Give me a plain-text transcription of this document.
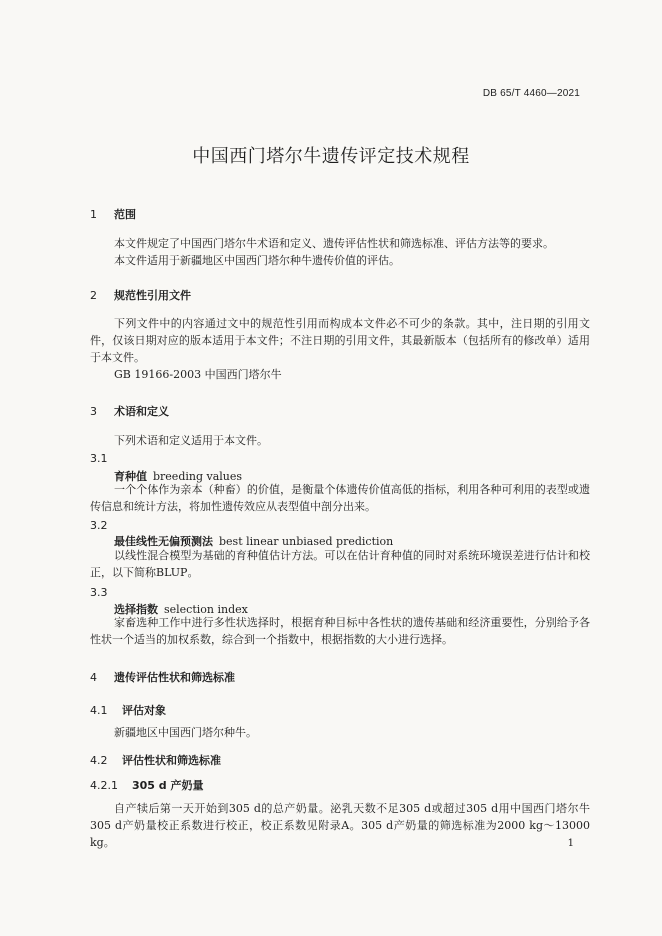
DB 65/T 4460—2021
中国西门塔尔牛遗传评定技术规程
1 范围
本文件规定了中国西门塔尔牛术语和定义、遗传评估性状和筛选标准、评估方法等的要求。
本文件适用于新疆地区中国西门塔尔种牛遗传价值的评估。
2 规范性引用文件
下列文件中的内容通过文中的规范性引用而构成本文件必不可少的条款。其中，注日期的引用文件，仅该日期对应的版本适用于本文件；不注日期的引用文件，其最新版本（包括所有的修改单）适用于本文件。
GB 19166-2003 中国西门塔尔牛
3 术语和定义
下列术语和定义适用于本文件。
3.1
育种值 breeding values
一个个体作为亲本（种畜）的价值，是衡量个体遗传价值高低的指标，利用各种可利用的表型或遗传信息和统计方法，将加性遗传效应从表型值中剖分出来。
3.2
最佳线性无偏预测法 best linear unbiased prediction
以线性混合模型为基础的育种值估计方法。可以在估计育种值的同时对系统环境误差进行估计和校正，以下简称BLUP。
3.3
选择指数 selection index
家畜选种工作中进行多性状选择时，根据育种目标中各性状的遗传基础和经济重要性，分别给予各性状一个适当的加权系数，综合到一个指数中，根据指数的大小进行选择。
4 遗传评估性状和筛选标准
4.1 评估对象
新疆地区中国西门塔尔种牛。
4.2 评估性状和筛选标准
4.2.1 305 d 产奶量
自产犊后第一天开始到305 d的总产奶量。泌乳天数不足305 d或超过305 d用中国西门塔尔牛305 d产奶量校正系数进行校正，校正系数见附录A。305 d产奶量的筛选标准为2000 kg～13000 kg。	1
